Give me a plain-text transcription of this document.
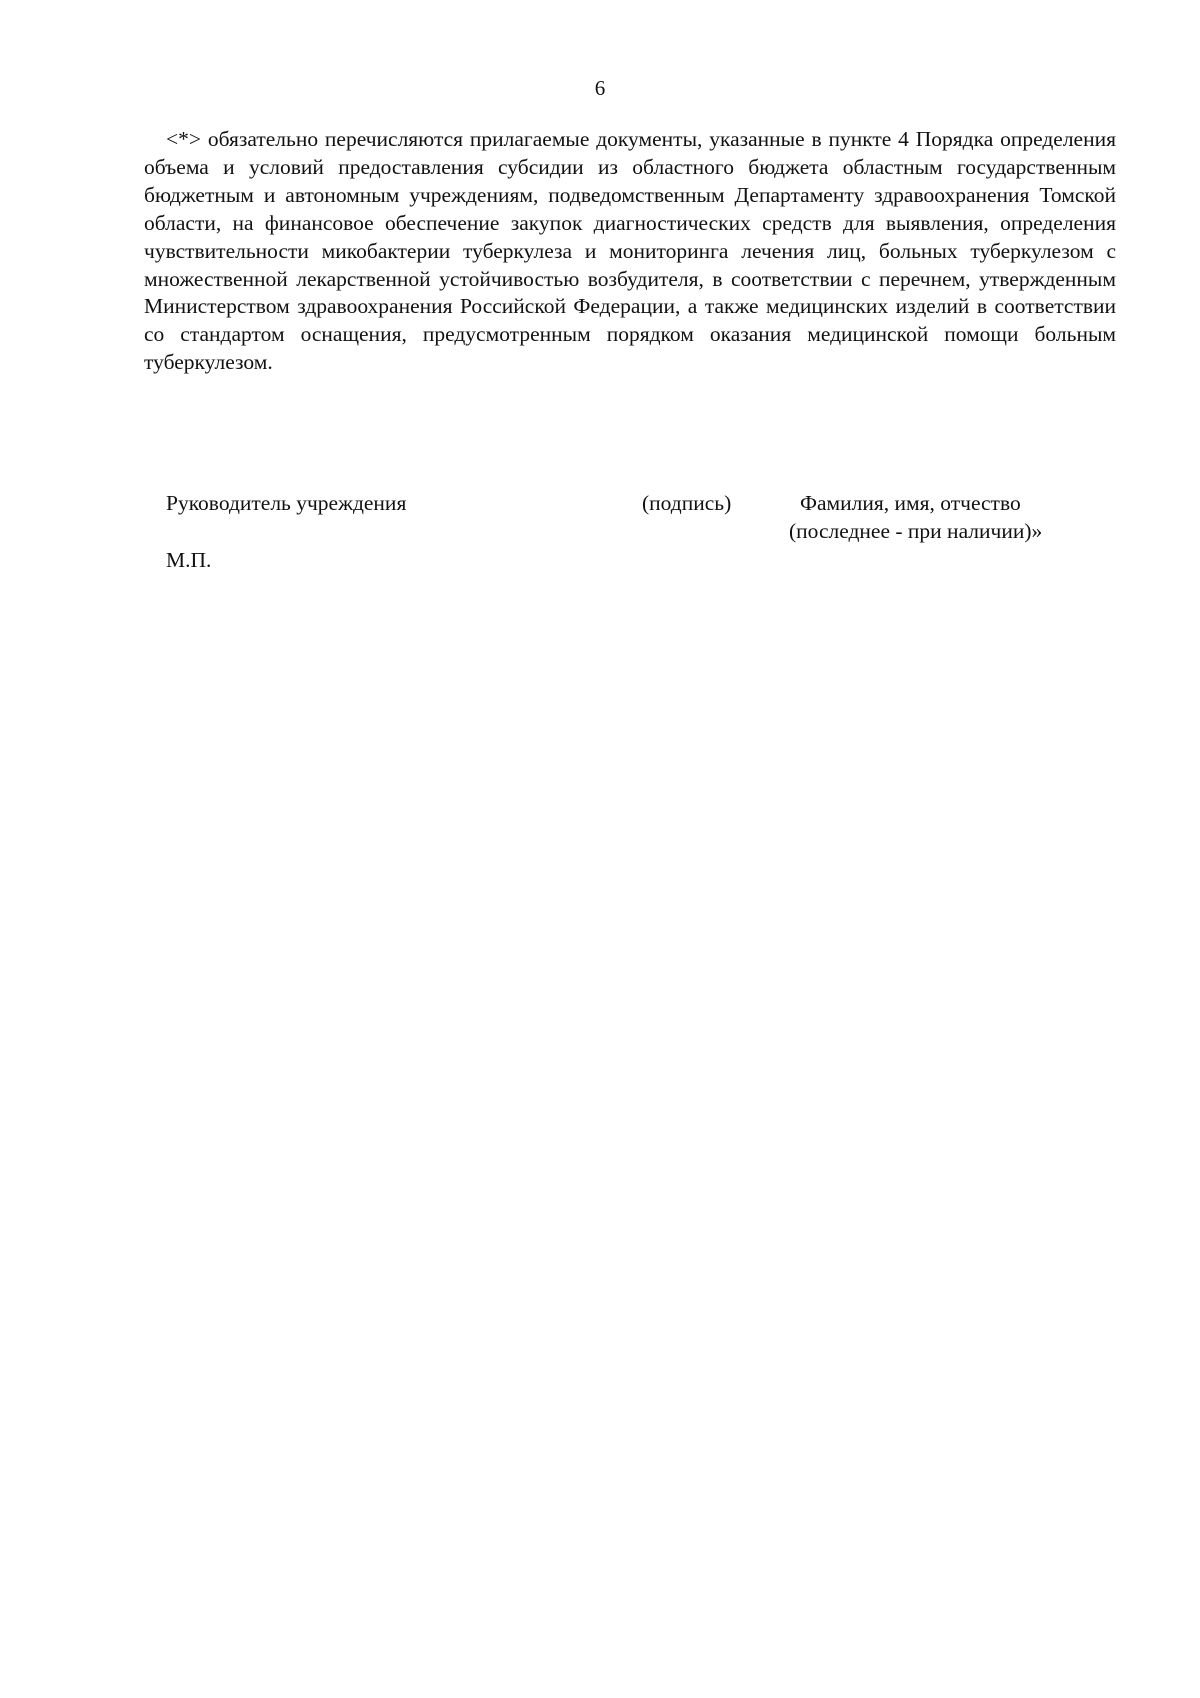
6

<*> обязательно перечисляются прилагаемые документы, указанные в пункте 4 Порядка определения объема и условий предоставления субсидии из областного бюджета областным государственным бюджетным и автономным учреждениям, подведомственным Департаменту здравоохранения Томской области, на финансовое обеспечение закупок диагностических средств для выявления, определения чувствительности микобактерии туберкулеза и мониторинга лечения лиц, больных туберкулезом с множественной лекарственной устойчивостью возбудителя, в соответствии с перечнем, утвержденным Министерством здравоохранения Российской Федерации, а также медицинских изделий в соответствии со стандартом оснащения, предусмотренным порядком оказания медицинской помощи больным туберкулезом.

Руководитель учреждения	(подпись)	Фамилия, имя, отчество
(последнее - при наличии)»
М.П.
